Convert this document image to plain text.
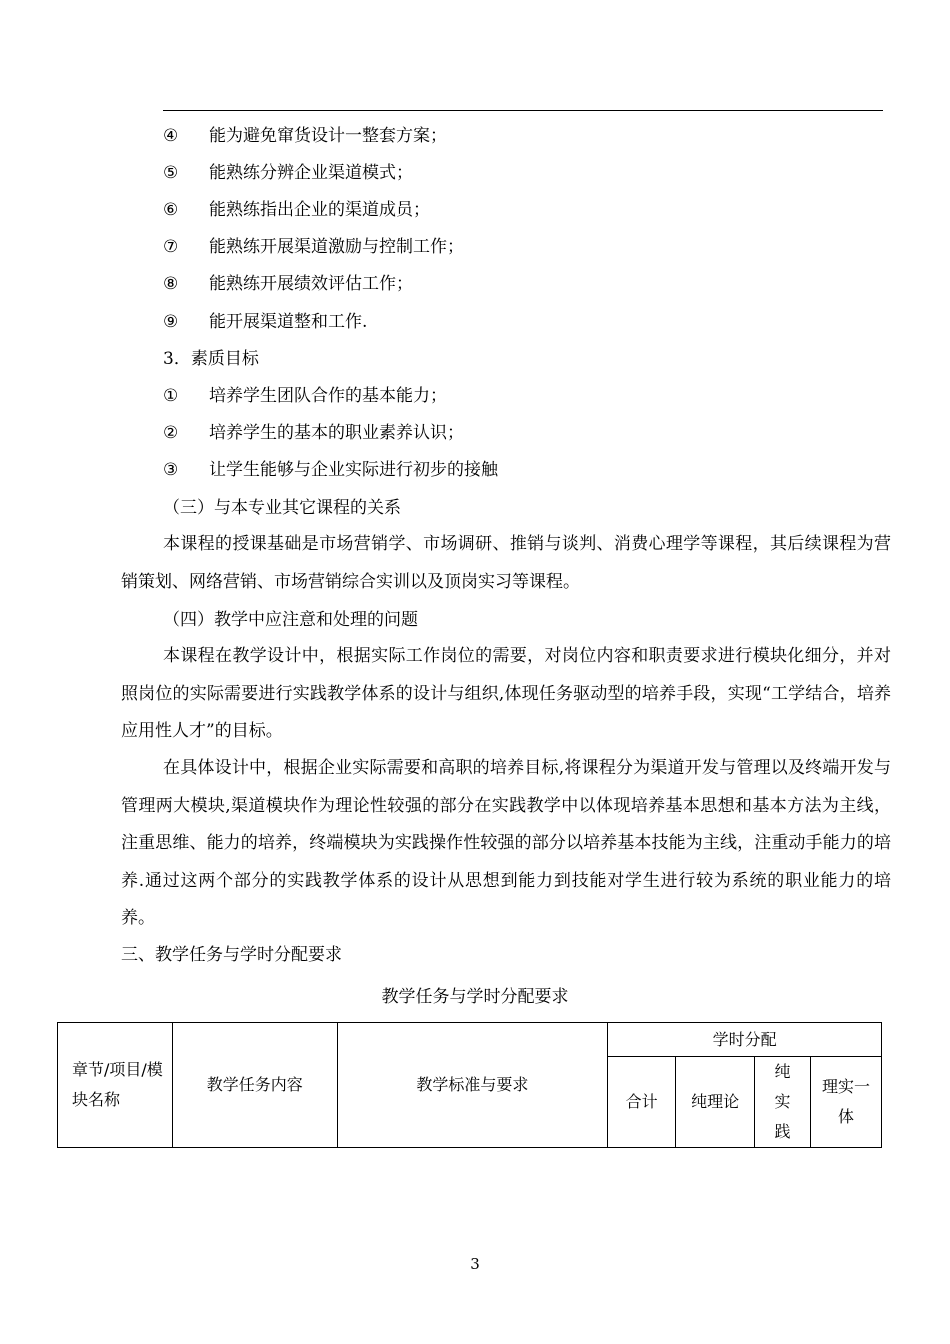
④ 能为避免窜货设计一整套方案；
⑤ 能熟练分辨企业渠道模式；
⑥ 能熟练指出企业的渠道成员；
⑦ 能熟练开展渠道激励与控制工作；
⑧ 能熟练开展绩效评估工作；
⑨ 能开展渠道整和工作.
3．素质目标
① 培养学生团队合作的基本能力；
② 培养学生的基本的职业素养认识；
③ 让学生能够与企业实际进行初步的接触
（三）与本专业其它课程的关系
本课程的授课基础是市场营销学、市场调研、推销与谈判、消费心理学等课程，其后续课程为营销策划、网络营销、市场营销综合实训以及顶岗实习等课程。
（四）教学中应注意和处理的问题
本课程在教学设计中，根据实际工作岗位的需要，对岗位内容和职责要求进行模块化细分，并对照岗位的实际需要进行实践教学体系的设计与组织,体现任务驱动型的培养手段，实现“工学结合，培养应用性人才”的目标。
在具体设计中，根据企业实际需要和高职的培养目标,将课程分为渠道开发与管理以及终端开发与管理两大模块,渠道模块作为理论性较强的部分在实践教学中以体现培养基本思想和基本方法为主线，注重思维、能力的培养，终端模块为实践操作性较强的部分以培养基本技能为主线，注重动手能力的培养.通过这两个部分的实践教学体系的设计从思想到能力到技能对学生进行较为系统的职业能力的培养。
三、教学任务与学时分配要求
教学任务与学时分配要求
章节/项目/模块名称	教学任务内容	教学标准与要求	学时分配			
			合计	纯理论	纯实践	理实一体
3
